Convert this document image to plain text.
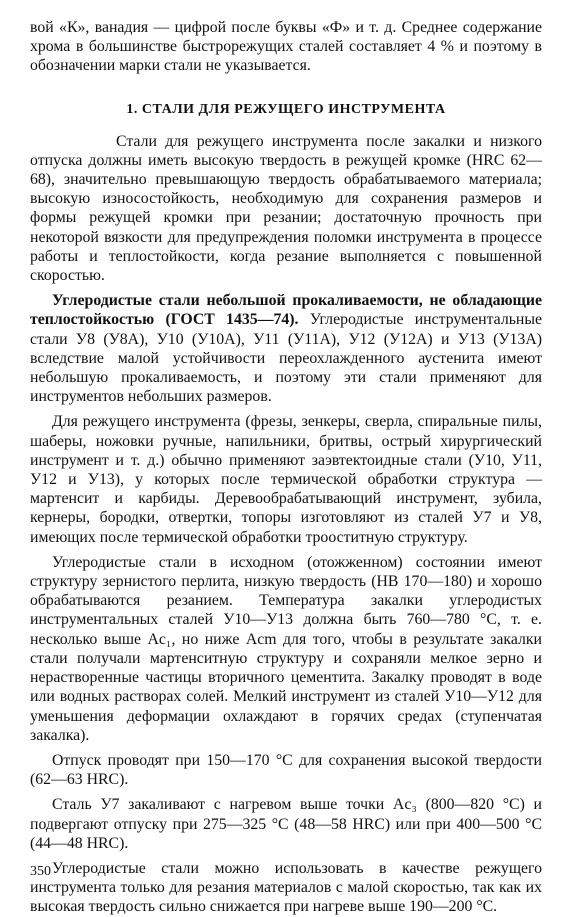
вой «К», ванадия — цифрой после буквы «Ф» и т. д. Среднее содержание хрома в большинстве быстрорежущих сталей составляет 4 % и поэтому в обозначении марки стали не указывается.

1. СТАЛИ ДЛЯ РЕЖУЩЕГО ИНСТРУМЕНТА

Стали для режущего инструмента после закалки и низкого отпуска должны иметь высокую твердость в режущей кромке (HRC 62—68), значительно превышающую твердость обрабатываемого материала; высокую износостойкость, необходимую для сохранения размеров и формы режущей кромки при резании; достаточную прочность при некоторой вязкости для предупреждения поломки инструмента в процессе работы и теплостойкости, когда резание выполняется с повышенной скоростью.

Углеродистые стали небольшой прокаливаемости, не обладающие теплостойкостью (ГОСТ 1435—74). Углеродистые инструментальные стали У8 (У8А), У10 (У10А), У11 (У11А), У12 (У12А) и У13 (У13А) вследствие малой устойчивости переохлажденного аустенита имеют небольшую прокаливаемость, и поэтому эти стали применяют для инструментов небольших размеров.

Для режущего инструмента (фрезы, зенкеры, сверла, спиральные пилы, шаберы, ножовки ручные, напильники, бритвы, острый хирургический инструмент и т. д.) обычно применяют заэвтектоидные стали (У10, У11, У12 и У13), у которых после термической обработки структура — мартенсит и карбиды. Деревообрабатывающий инструмент, зубила, кернеры, бородки, отвертки, топоры изготовляют из сталей У7 и У8, имеющих после термической обработки трооститную структуру.

Углеродистые стали в исходном (отожженном) состоянии имеют структуру зернистого перлита, низкую твердость (НВ 170—180) и хорошо обрабатываются резанием. Температура закалки углеродистых инструментальных сталей У10—У13 должна быть 760—780 °С, т. е. несколько выше Ac₁, но ниже Acm для того, чтобы в результате закалки стали получали мартенситную структуру и сохраняли мелкое зерно и нерастворенные частицы вторичного цементита. Закалку проводят в воде или водных растворах солей. Мелкий инструмент из сталей У10—У12 для уменьшения деформации охлаждают в горячих средах (ступенчатая закалка).

Отпуск проводят при 150—170 °С для сохранения высокой твердости (62—63 HRC).

Сталь У7 закаливают с нагревом выше точки Ac₃ (800—820 °С) и подвергают отпуску при 275—325 °С (48—58 HRC) или при 400—500 °С (44—48 HRC).

Углеродистые стали можно использовать в качестве режущего инструмента только для резания материалов с малой скоростью, так как их высокая твердость сильно снижается при нагреве выше 190—200 °С.

350
